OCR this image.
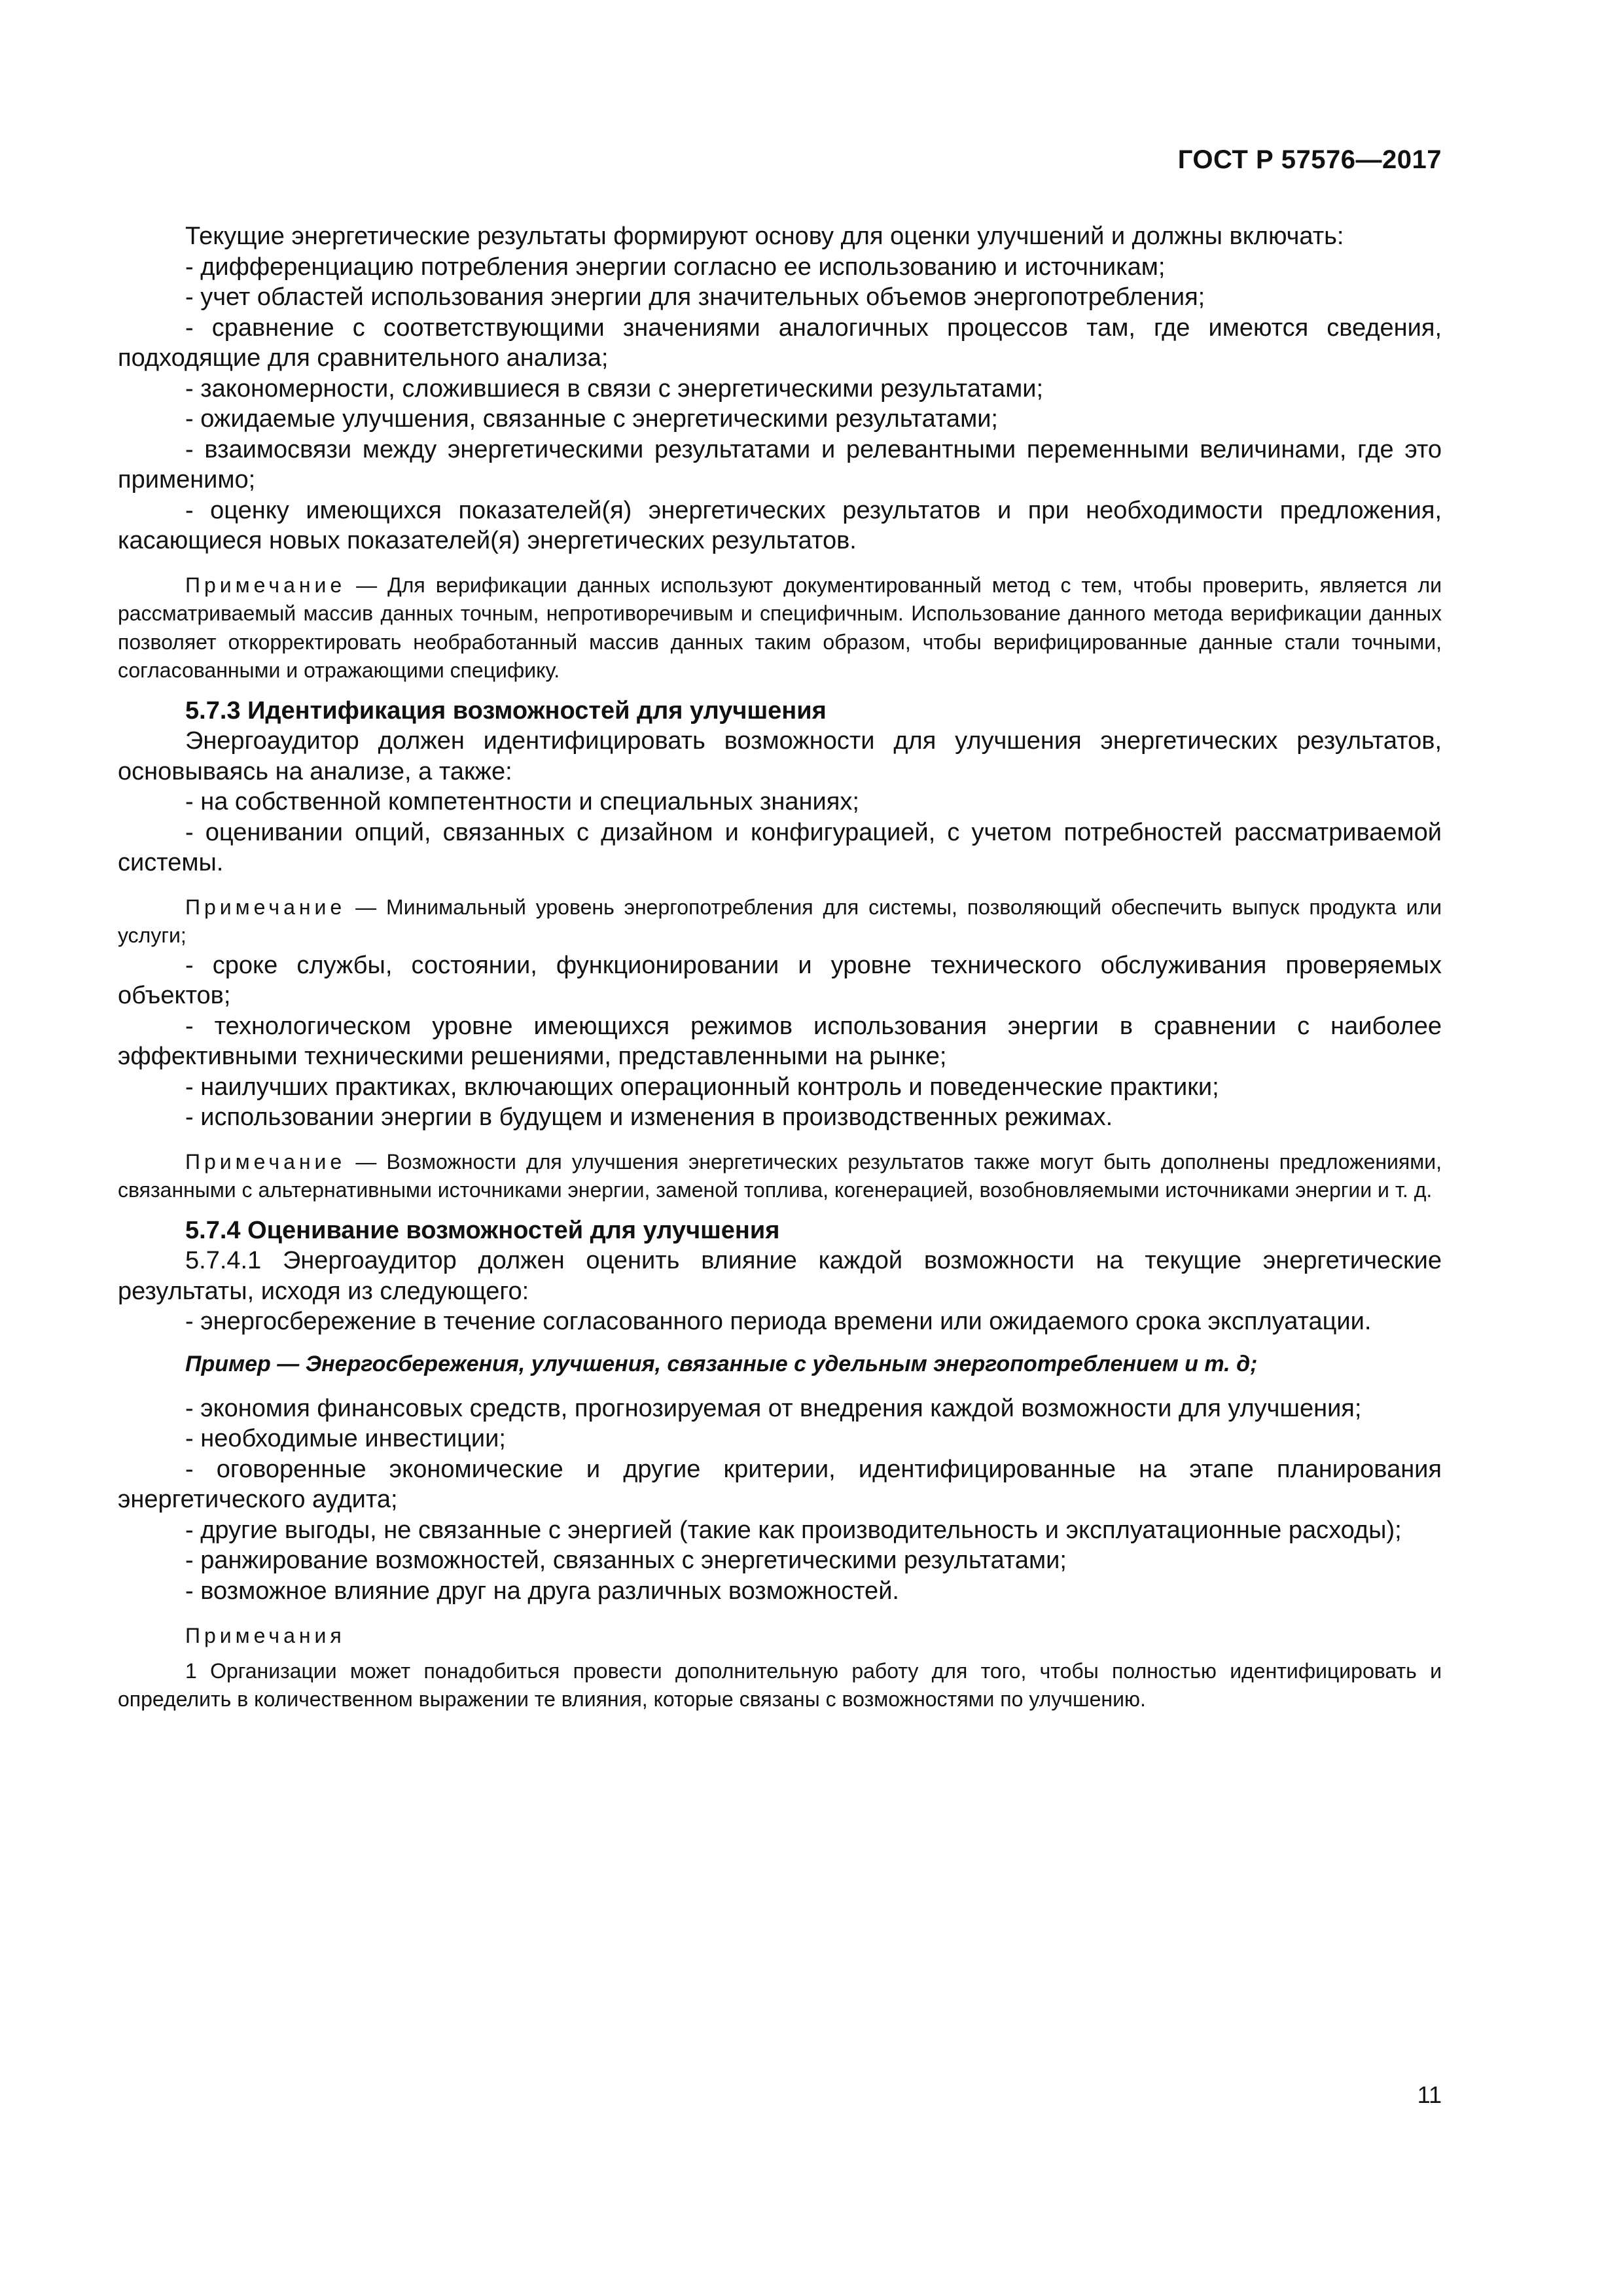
ГОСТ Р 57576—2017

Текущие энергетические результаты формируют основу для оценки улучшений и должны включать:

- дифференциацию потребления энергии согласно ее использованию и источникам;

- учет областей использования энергии для значительных объемов энергопотребления;

- сравнение с соответствующими значениями аналогичных процессов там, где имеются сведения, подходящие для сравнительного анализа;

- закономерности, сложившиеся в связи с энергетическими результатами;

- ожидаемые улучшения, связанные с энергетическими результатами;

- взаимосвязи между энергетическими результатами и релевантными переменными величинами, где это применимо;

- оценку имеющихся показателей(я) энергетических результатов и при необходимости предложения, касающиеся новых показателей(я) энергетических результатов.

Примечание — Для верификации данных используют документированный метод с тем, чтобы проверить, является ли рассматриваемый массив данных точным, непротиворечивым и специфичным. Использование данного метода верификации данных позволяет откорректировать необработанный массив данных таким образом, чтобы верифицированные данные стали точными, согласованными и отражающими специфику.

5.7.3 Идентификация возможностей для улучшения

Энергоаудитор должен идентифицировать возможности для улучшения энергетических результатов, основываясь на анализе, а также:

- на собственной компетентности и специальных знаниях;

- оценивании опций, связанных с дизайном и конфигурацией, с учетом потребностей рассматриваемой системы.

Примечание — Минимальный уровень энергопотребления для системы, позволяющий обеспечить выпуск продукта или услуги;

- сроке службы, состоянии, функционировании и уровне технического обслуживания проверяемых объектов;

- технологическом уровне имеющихся режимов использования энергии в сравнении с наиболее эффективными техническими решениями, представленными на рынке;

- наилучших практиках, включающих операционный контроль и поведенческие практики;

- использовании энергии в будущем и изменения в производственных режимах.

Примечание — Возможности для улучшения энергетических результатов также могут быть дополнены предложениями, связанными с альтернативными источниками энергии, заменой топлива, когенерацией, возобновляемыми источниками энергии и т. д.

5.7.4 Оценивание возможностей для улучшения

5.7.4.1 Энергоаудитор должен оценить влияние каждой возможности на текущие энергетические результаты, исходя из следующего:

- энергосбережение в течение согласованного периода времени или ожидаемого срока эксплуатации.

Пример — Энергосбережения, улучшения, связанные с удельным энергопотреблением и т. д;

- экономия финансовых средств, прогнозируемая от внедрения каждой возможности для улучшения;

- необходимые инвестиции;

- оговоренные экономические и другие критерии, идентифицированные на этапе планирования энергетического аудита;

- другие выгоды, не связанные с энергией (такие как производительность и эксплуатационные расходы);

- ранжирование возможностей, связанных с энергетическими результатами;

- возможное влияние друг на друга различных возможностей.

Примечания

1 Организации может понадобиться провести дополнительную работу для того, чтобы полностью идентифицировать и определить в количественном выражении те влияния, которые связаны с возможностями по улучшению.

11
